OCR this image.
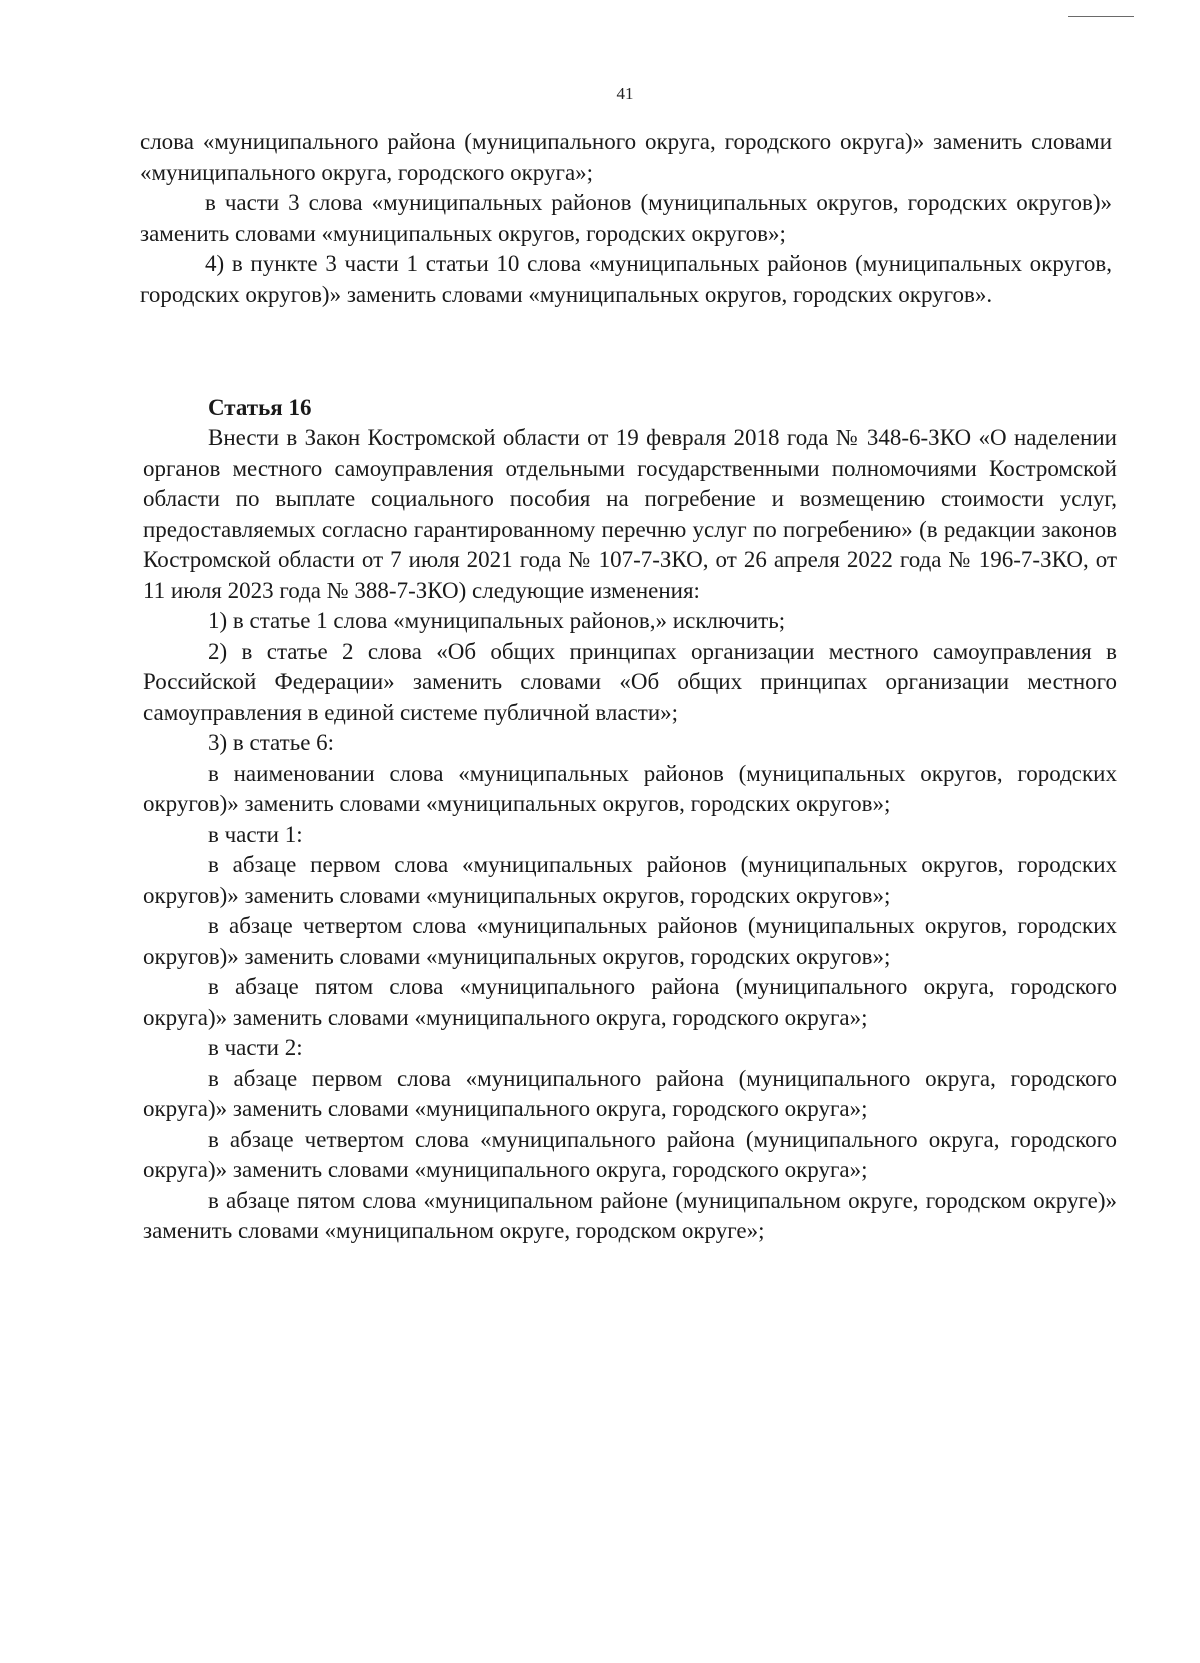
41

слова «муниципального района (муниципального округа, городского округа)» заменить словами «муниципального округа, городского округа»;

в части 3 слова «муниципальных районов (муниципальных округов, городских округов)» заменить словами «муниципальных округов, городских округов»;

4) в пункте 3 части 1 статьи 10 слова «муниципальных районов (муниципальных округов, городских округов)» заменить словами «муниципальных округов, городских округов».

Статья 16

Внести в Закон Костромской области от 19 февраля 2018 года № 348-6-ЗКО «О наделении органов местного самоуправления отдельными государственными полномочиями Костромской области по выплате социального пособия на погребение и возмещению стоимости услуг, предоставляемых согласно гарантированному перечню услуг по погребению» (в редакции законов Костромской области от 7 июля 2021 года № 107-7-ЗКО, от 26 апреля 2022 года № 196-7-ЗКО, от 11 июля 2023 года № 388-7-ЗКО) следующие изменения:

1) в статье 1 слова «муниципальных районов,» исключить;

2) в статье 2 слова «Об общих принципах организации местного самоуправления в Российской Федерации» заменить словами «Об общих принципах организации местного самоуправления в единой системе публичной власти»;

3) в статье 6:

в наименовании слова «муниципальных районов (муниципальных округов, городских округов)» заменить словами «муниципальных округов, городских округов»;

в части 1:

в абзаце первом слова «муниципальных районов (муниципальных округов, городских округов)» заменить словами «муниципальных округов, городских округов»;

в абзаце четвертом слова «муниципальных районов (муниципальных округов, городских округов)» заменить словами «муниципальных округов, городских округов»;

в абзаце пятом слова «муниципального района (муниципального округа, городского округа)» заменить словами «муниципального округа, городского округа»;

в части 2:

в абзаце первом слова «муниципального района (муниципального округа, городского округа)» заменить словами «муниципального округа, городского округа»;

в абзаце четвертом слова «муниципального района (муниципального округа, городского округа)» заменить словами «муниципального округа, городского округа»;

в абзаце пятом слова «муниципальном районе (муниципальном округе, городском округе)» заменить словами «муниципальном округе, городском округе»;
